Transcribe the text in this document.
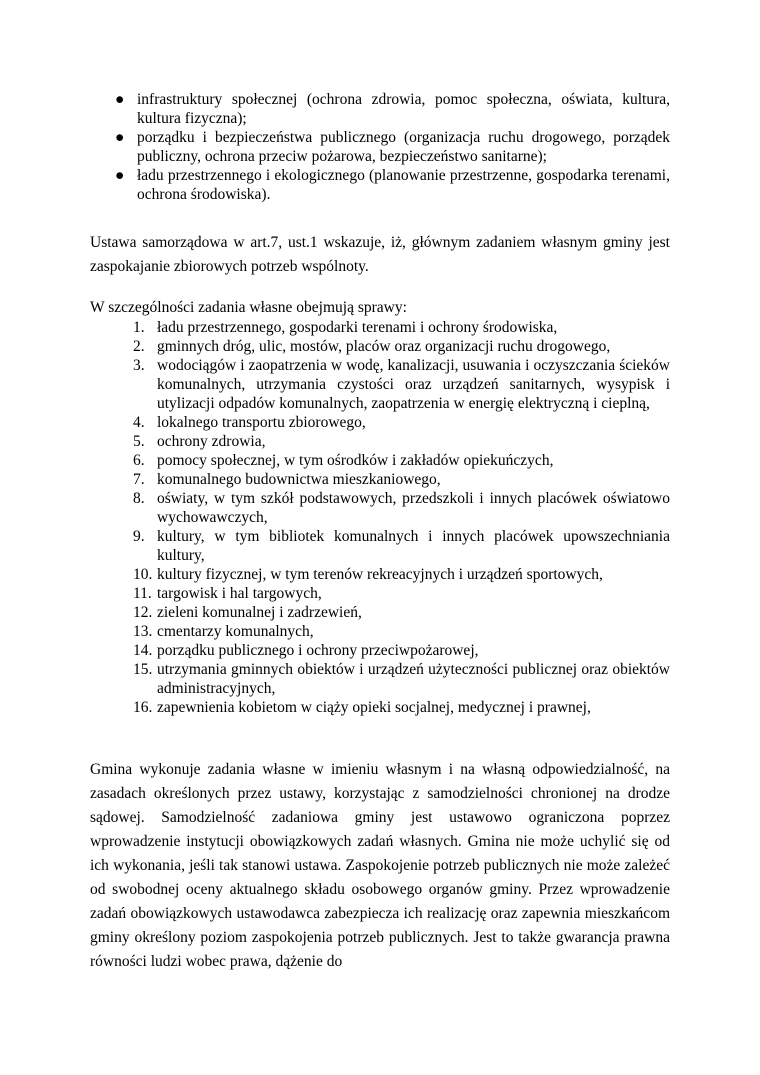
● infrastruktury społecznej (ochrona zdrowia, pomoc społeczna, oświata, kultura, kultura fizyczna);
● porządku i bezpieczeństwa publicznego (organizacja ruchu drogowego, porządek publiczny, ochrona przeciw pożarowa, bezpieczeństwo sanitarne);
● ładu przestrzennego i ekologicznego (planowanie przestrzenne, gospodarka terenami, ochrona środowiska).

Ustawa samorządowa w art.7, ust.1 wskazuje, iż, głównym zadaniem własnym gminy jest zaspokajanie zbiorowych potrzeb wspólnoty.

W szczególności zadania własne obejmują sprawy:

1. ładu przestrzennego, gospodarki terenami i ochrony środowiska,
2. gminnych dróg, ulic, mostów, placów oraz organizacji ruchu drogowego,
3. wodociągów i zaopatrzenia w wodę, kanalizacji, usuwania i oczyszczania ścieków komunalnych, utrzymania czystości oraz urządzeń sanitarnych, wysypisk i utylizacji odpadów komunalnych, zaopatrzenia w energię elektryczną i cieplną,
4. lokalnego transportu zbiorowego,
5. ochrony zdrowia,
6. pomocy społecznej, w tym ośrodków i zakładów opiekuńczych,
7. komunalnego budownictwa mieszkaniowego,
8. oświaty, w tym szkół podstawowych, przedszkoli i innych placówek oświatowo wychowawczych,
9. kultury, w tym bibliotek komunalnych i innych placówek upowszechniania kultury,
10. kultury fizycznej, w tym terenów rekreacyjnych i urządzeń sportowych,
11. targowisk i hal targowych,
12. zieleni komunalnej i zadrzewień,
13. cmentarzy komunalnych,
14. porządku publicznego i ochrony przeciwpożarowej,
15. utrzymania gminnych obiektów i urządzeń użyteczności publicznej oraz obiektów administracyjnych,
16. zapewnienia kobietom w ciąży opieki socjalnej, medycznej i prawnej,

Gmina wykonuje zadania własne w imieniu własnym i na własną odpowiedzialność, na zasadach określonych przez ustawy, korzystając z samodzielności chronionej na drodze sądowej. Samodzielność zadaniowa gminy jest ustawowo ograniczona poprzez wprowadzenie instytucji obowiązkowych zadań własnych. Gmina nie może uchylić się od ich wykonania, jeśli tak stanowi ustawa. Zaspokojenie potrzeb publicznych nie może zależeć od swobodnej oceny aktualnego składu osobowego organów gminy. Przez wprowadzenie zadań obowiązkowych ustawodawca zabezpiecza ich realizację oraz zapewnia mieszkańcom gminy określony poziom zaspokojenia potrzeb publicznych. Jest to także gwarancja prawna równości ludzi wobec prawa, dążenie do
